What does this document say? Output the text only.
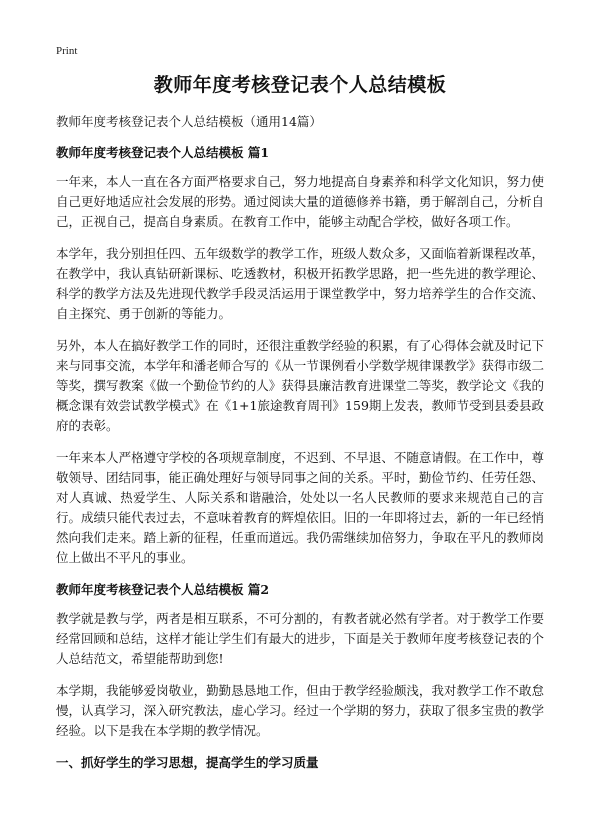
Print
教师年度考核登记表个人总结模板
教师年度考核登记表个人总结模板（通用14篇）
教师年度考核登记表个人总结模板 篇1

一年来，本人一直在各方面严格要求自己，努力地提高自身素养和科学文化知识，努力使自己更好地适应社会发展的形势。通过阅读大量的道德修养书籍，勇于解剖自己，分析自己，正视自己，提高自身素质。在教育工作中，能够主动配合学校，做好各项工作。

本学年，我分别担任四、五年级数学的教学工作，班级人数众多，又面临着新课程改革，在教学中，我认真钻研新课标、吃透教材，积极开拓教学思路，把一些先进的教学理论、科学的教学方法及先进现代教学手段灵活运用于课堂教学中，努力培养学生的合作交流、自主探究、勇于创新的等能力。

另外，本人在搞好教学工作的同时，还很注重教学经验的积累，有了心得体会就及时记下来与同事交流，本学年和潘老师合写的《从一节课例看小学数学规律课教学》获得市级二等奖，撰写教案《做一个勤俭节约的人》获得县廉洁教育进课堂二等奖，教学论文《我的概念课有效尝试教学模式》在《1+1旅途教育周刊》159期上发表，教师节受到县委县政府的表彰。

一年来本人严格遵守学校的各项规章制度，不迟到、不早退、不随意请假。在工作中，尊敬领导、团结同事，能正确处理好与领导同事之间的关系。平时，勤俭节约、任劳任怨、对人真诚、热爱学生、人际关系和谐融洽，处处以一名人民教师的要求来规范自己的言行。成绩只能代表过去，不意味着教育的辉煌依旧。旧的一年即将过去，新的一年已经悄然向我们走来。踏上新的征程，任重而道远。我仍需继续加倍努力，争取在平凡的教师岗位上做出不平凡的事业。

教师年度考核登记表个人总结模板 篇2

教学就是教与学，两者是相互联系，不可分割的，有教者就必然有学者。对于教学工作要经常回顾和总结，这样才能让学生们有最大的进步，下面是关于教师年度考核登记表的个人总结范文，希望能帮助到您!

本学期，我能够爱岗敬业，勤勤恳恳地工作，但由于教学经验颇浅，我对教学工作不敢怠慢，认真学习，深入研究教法，虚心学习。经过一个学期的努力，获取了很多宝贵的教学经验。以下是我在本学期的教学情况。

一、抓好学生的学习思想，提高学生的学习质量
